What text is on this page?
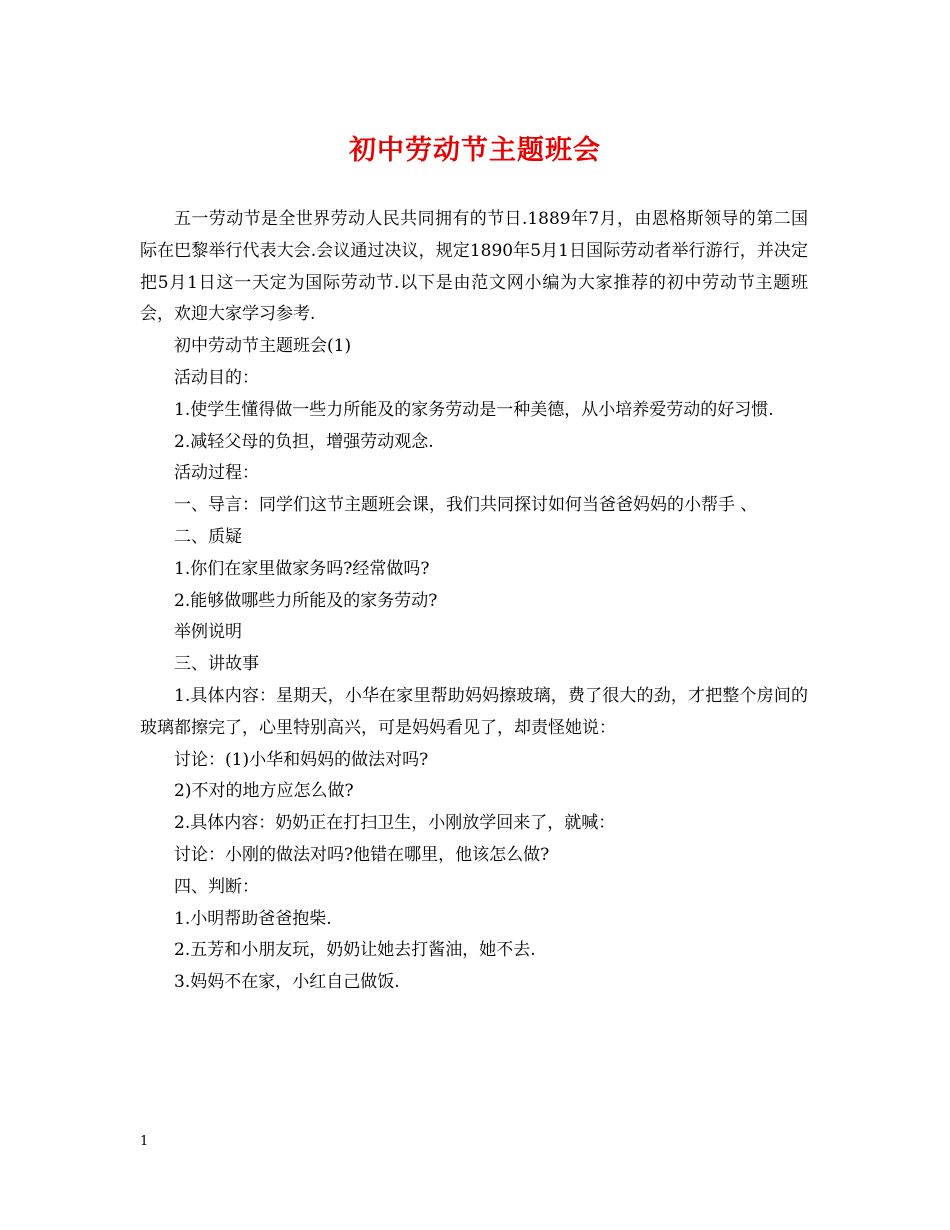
初中劳动节主题班会

五一劳动节是全世界劳动人民共同拥有的节日.1889年7月，由恩格斯领导的第二国际在巴黎举行代表大会.会议通过决议，规定1890年5月1日国际劳动者举行游行，并决定把5月1日这一天定为国际劳动节.以下是由范文网小编为大家推荐的初中劳动节主题班会，欢迎大家学习参考.

初中劳动节主题班会(1)

活动目的：

1.使学生懂得做一些力所能及的家务劳动是一种美德，从小培养爱劳动的好习惯.

2.减轻父母的负担，增强劳动观念.

活动过程：

一、导言：同学们这节主题班会课，我们共同探讨如何当爸爸妈妈的小帮手 、

二、质疑

1.你们在家里做家务吗?经常做吗?

2.能够做哪些力所能及的家务劳动?

举例说明

三、讲故事

1.具体内容：星期天，小华在家里帮助妈妈擦玻璃，费了很大的劲，才把整个房间的玻璃都擦完了，心里特别高兴，可是妈妈看见了，却责怪她说：

讨论：(1)小华和妈妈的做法对吗?

2)不对的地方应怎么做?

2.具体内容：奶奶正在打扫卫生，小刚放学回来了，就喊：

讨论：小刚的做法对吗?他错在哪里，他该怎么做?

四、判断：

1.小明帮助爸爸抱柴.

2.五芳和小朋友玩，奶奶让她去打酱油，她不去.

3.妈妈不在家，小红自己做饭.

1
